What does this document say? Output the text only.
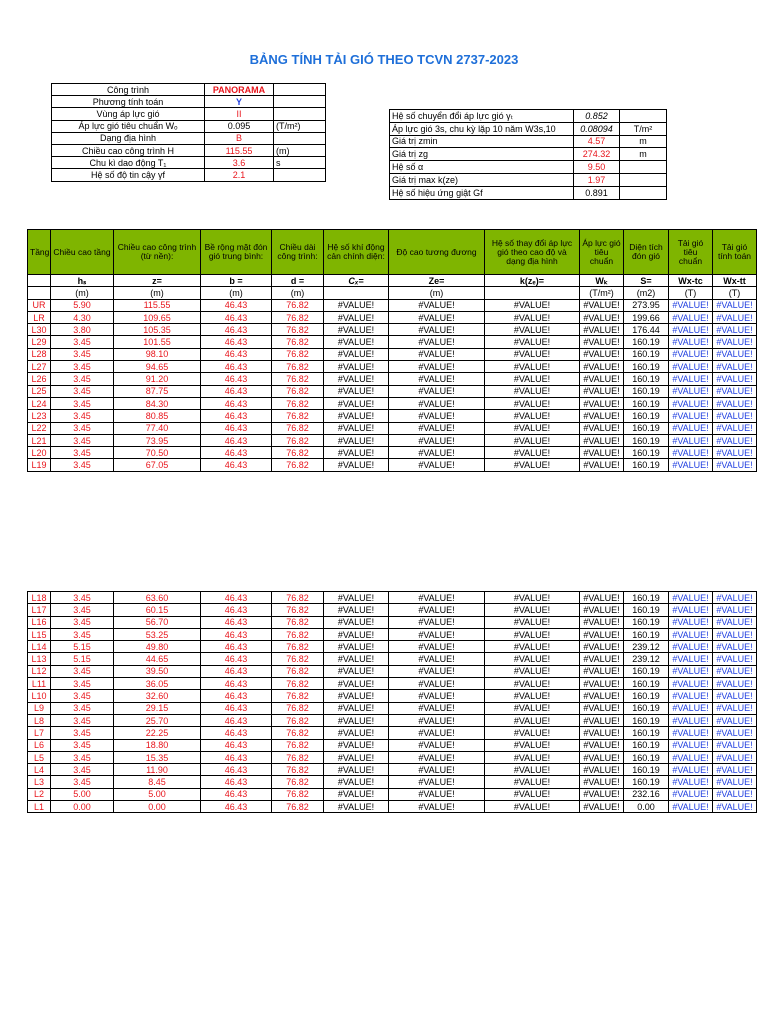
BẢNG TÍNH TẢI GIÓ THEO TCVN 2737-2023
Công trình	PANORAMA	
Phương tính toán	Y	
Vùng áp lực gió	II	
Áp lực gió tiêu chuẩn Wₒ	0.095	(T/m²)
Dạng địa hình	B	
Chiều cao công trình H	115.55	(m)
Chu kì dao động T₁	3.6	s
Hệ số độ tin cậy γf	2.1	
Hệ số chuyển đổi áp lực gió γₜ	0.852	
Áp lực gió 3s, chu kỳ lặp 10 năm W3s,10	0.08094	T/m²
Giá trị zmin	4.57	m
Giá trị zg	274.32	m
Hệ số α	9.50	
Giá trị max k(ze)	1.97	
Hệ số hiệu ứng giật Gf	0.891	
Tầng	Chiều cao tầng	Chiều cao công trình (từ nền):	Bề rộng mặt đón gió trung bình:	Chiều dài công trình:	Hệ số khí động cản chính diện:	Độ cao tương đương	Hệ số thay đổi áp lực gió theo cao độ và dạng địa hình	Áp lực gió tiêu chuẩn	Diện tích đón gió	Tải gió tiêu chuẩn	Tải gió tính toán
	hₛ	z=	b =	d =	Cₓ=	Ze=	k(zₑ)=	Wₖ	S=	Wx-tc	Wx-tt
	(m)	(m)	(m)	(m)		(m)		(T/m²)	(m2)	(T)	(T)
UR	5.90	115.55	46.43	76.82	#VALUE!	#VALUE!	#VALUE!	#VALUE!	273.95	#VALUE!	#VALUE!
LR	4.30	109.65	46.43	76.82	#VALUE!	#VALUE!	#VALUE!	#VALUE!	199.66	#VALUE!	#VALUE!
L30	3.80	105.35	46.43	76.82	#VALUE!	#VALUE!	#VALUE!	#VALUE!	176.44	#VALUE!	#VALUE!
L29	3.45	101.55	46.43	76.82	#VALUE!	#VALUE!	#VALUE!	#VALUE!	160.19	#VALUE!	#VALUE!
L28	3.45	98.10	46.43	76.82	#VALUE!	#VALUE!	#VALUE!	#VALUE!	160.19	#VALUE!	#VALUE!
L27	3.45	94.65	46.43	76.82	#VALUE!	#VALUE!	#VALUE!	#VALUE!	160.19	#VALUE!	#VALUE!
L26	3.45	91.20	46.43	76.82	#VALUE!	#VALUE!	#VALUE!	#VALUE!	160.19	#VALUE!	#VALUE!
L25	3.45	87.75	46.43	76.82	#VALUE!	#VALUE!	#VALUE!	#VALUE!	160.19	#VALUE!	#VALUE!
L24	3.45	84.30	46.43	76.82	#VALUE!	#VALUE!	#VALUE!	#VALUE!	160.19	#VALUE!	#VALUE!
L23	3.45	80.85	46.43	76.82	#VALUE!	#VALUE!	#VALUE!	#VALUE!	160.19	#VALUE!	#VALUE!
L22	3.45	77.40	46.43	76.82	#VALUE!	#VALUE!	#VALUE!	#VALUE!	160.19	#VALUE!	#VALUE!
L21	3.45	73.95	46.43	76.82	#VALUE!	#VALUE!	#VALUE!	#VALUE!	160.19	#VALUE!	#VALUE!
L20	3.45	70.50	46.43	76.82	#VALUE!	#VALUE!	#VALUE!	#VALUE!	160.19	#VALUE!	#VALUE!
L19	3.45	67.05	46.43	76.82	#VALUE!	#VALUE!	#VALUE!	#VALUE!	160.19	#VALUE!	#VALUE!
L18	3.45	63.60	46.43	76.82	#VALUE!	#VALUE!	#VALUE!	#VALUE!	160.19	#VALUE!	#VALUE!
L17	3.45	60.15	46.43	76.82	#VALUE!	#VALUE!	#VALUE!	#VALUE!	160.19	#VALUE!	#VALUE!
L16	3.45	56.70	46.43	76.82	#VALUE!	#VALUE!	#VALUE!	#VALUE!	160.19	#VALUE!	#VALUE!
L15	3.45	53.25	46.43	76.82	#VALUE!	#VALUE!	#VALUE!	#VALUE!	160.19	#VALUE!	#VALUE!
L14	5.15	49.80	46.43	76.82	#VALUE!	#VALUE!	#VALUE!	#VALUE!	239.12	#VALUE!	#VALUE!
L13	5.15	44.65	46.43	76.82	#VALUE!	#VALUE!	#VALUE!	#VALUE!	239.12	#VALUE!	#VALUE!
L12	3.45	39.50	46.43	76.82	#VALUE!	#VALUE!	#VALUE!	#VALUE!	160.19	#VALUE!	#VALUE!
L11	3.45	36.05	46.43	76.82	#VALUE!	#VALUE!	#VALUE!	#VALUE!	160.19	#VALUE!	#VALUE!
L10	3.45	32.60	46.43	76.82	#VALUE!	#VALUE!	#VALUE!	#VALUE!	160.19	#VALUE!	#VALUE!
L9	3.45	29.15	46.43	76.82	#VALUE!	#VALUE!	#VALUE!	#VALUE!	160.19	#VALUE!	#VALUE!
L8	3.45	25.70	46.43	76.82	#VALUE!	#VALUE!	#VALUE!	#VALUE!	160.19	#VALUE!	#VALUE!
L7	3.45	22.25	46.43	76.82	#VALUE!	#VALUE!	#VALUE!	#VALUE!	160.19	#VALUE!	#VALUE!
L6	3.45	18.80	46.43	76.82	#VALUE!	#VALUE!	#VALUE!	#VALUE!	160.19	#VALUE!	#VALUE!
L5	3.45	15.35	46.43	76.82	#VALUE!	#VALUE!	#VALUE!	#VALUE!	160.19	#VALUE!	#VALUE!
L4	3.45	11.90	46.43	76.82	#VALUE!	#VALUE!	#VALUE!	#VALUE!	160.19	#VALUE!	#VALUE!
L3	3.45	8.45	46.43	76.82	#VALUE!	#VALUE!	#VALUE!	#VALUE!	160.19	#VALUE!	#VALUE!
L2	5.00	5.00	46.43	76.82	#VALUE!	#VALUE!	#VALUE!	#VALUE!	232.16	#VALUE!	#VALUE!
L1	0.00	0.00	46.43	76.82	#VALUE!	#VALUE!	#VALUE!	#VALUE!	0.00	#VALUE!	#VALUE!
